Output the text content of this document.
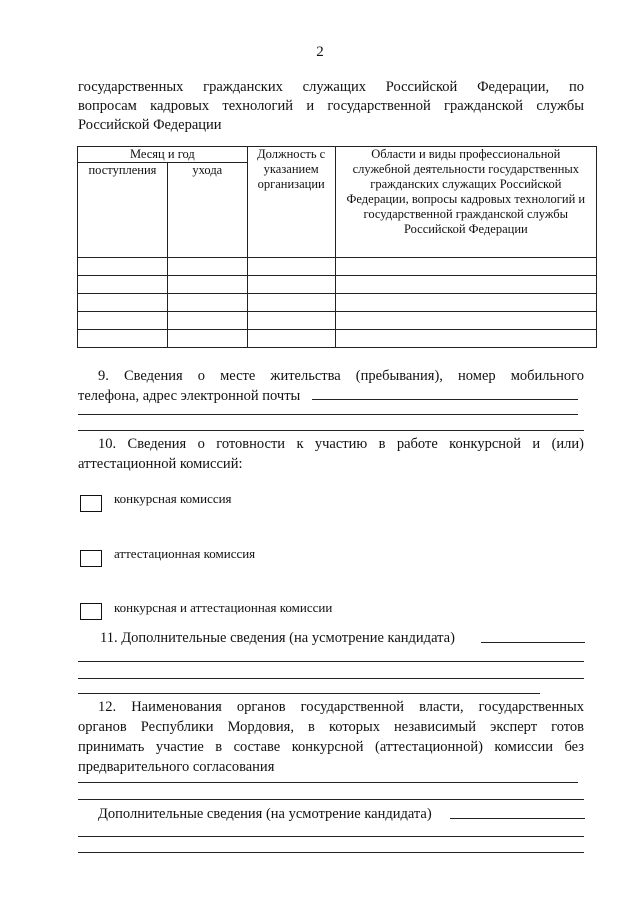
2
государственных гражданских служащих Российской Федерации, по
вопросам кадровых технологий и государственной гражданской службы
Российской Федерации
Месяц и год		Должность с указанием организации	Области и виды профессиональной служебной деятельности государственных гражданских служащих Российской Федерации, вопросы кадровых технологий и государственной гражданской службы Российской Федерации
поступления	ухода		

9. Сведения о месте жительства (пребывания), номер мобильного
телефона, адрес электронной почты
10. Сведения о готовности к участию в работе конкурсной и (или)
аттестационной комиссий:
конкурсная комиссия
аттестационная комиссия
конкурсная и аттестационная комиссии
11. Дополнительные сведения (на усмотрение кандидата)
12. Наименования органов государственной власти, государственных
органов Республики Мордовия, в которых независимый эксперт готов
принимать участие в составе конкурсной (аттестационной) комиссии без
предварительного согласования
Дополнительные сведения (на усмотрение кандидата)
